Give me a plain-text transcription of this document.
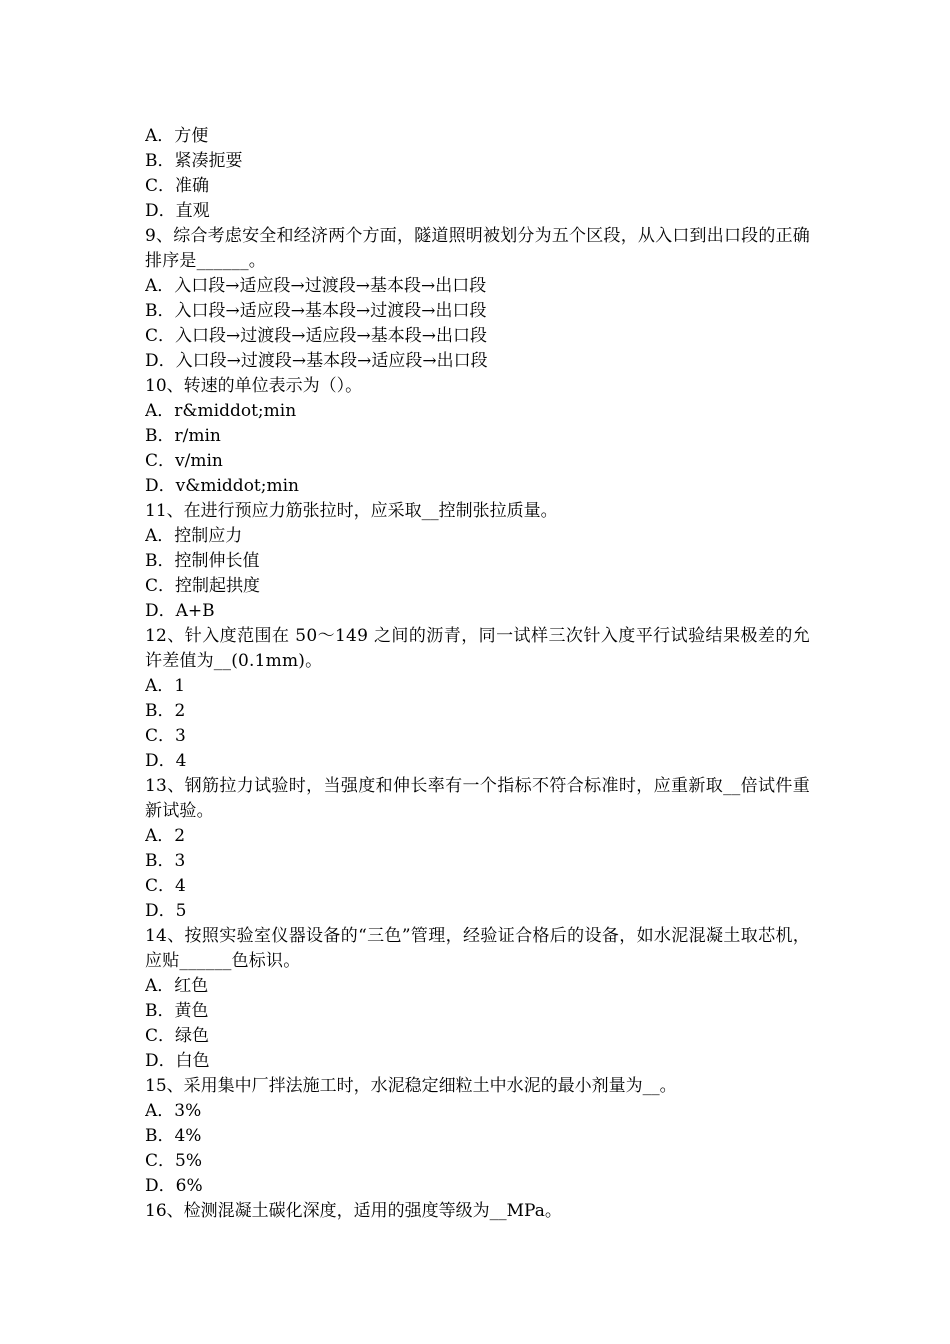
A．方便
B．紧凑扼要
C．准确
D．直观
9、综合考虑安全和经济两个方面，隧道照明被划分为五个区段，从入口到出口段的正确排序是______。
A．入口段→适应段→过渡段→基本段→出口段
B．入口段→适应段→基本段→过渡段→出口段
C．入口段→过渡段→适应段→基本段→出口段
D．入口段→过渡段→基本段→适应段→出口段
10、转速的单位表示为（）。
A．r&middot;min
B．r/min
C．v/min
D．v&middot;min
11、在进行预应力筋张拉时，应采取__控制张拉质量。
A．控制应力
B．控制伸长值
C．控制起拱度
D．A+B
12、针入度范围在 50～149 之间的沥青，同一试样三次针入度平行试验结果极差的允许差值为__(0.1mm)。
A．1
B．2
C．3
D．4
13、钢筋拉力试验时，当强度和伸长率有一个指标不符合标准时，应重新取__倍试件重新试验。
A．2
B．3
C．4
D．5
14、按照实验室仪器设备的“三色”管理，经验证合格后的设备，如水泥混凝土取芯机，应贴______色标识。
A．红色
B．黄色
C．绿色
D．白色
15、采用集中厂拌法施工时，水泥稳定细粒土中水泥的最小剂量为__。
A．3%
B．4%
C．5%
D．6%
16、检测混凝土碳化深度，适用的强度等级为__MPa。
